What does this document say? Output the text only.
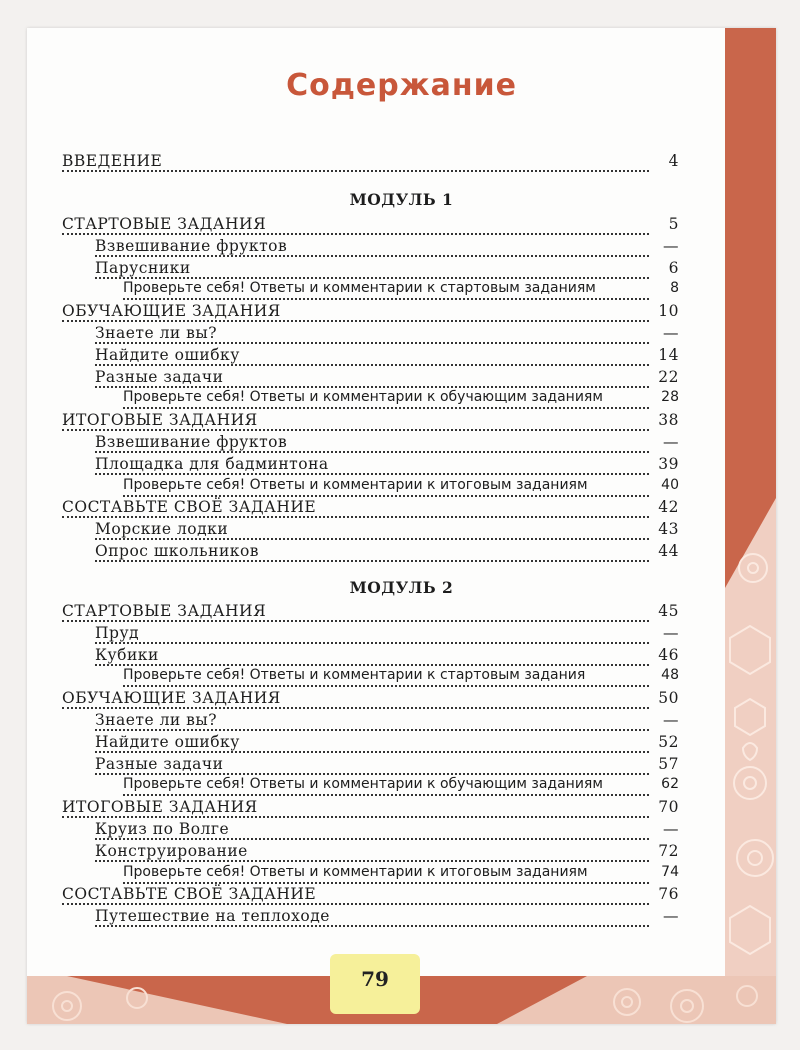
Содержание
ВВЕДЕНИЕ	4
МОДУЛЬ 1
СТАРТОВЫЕ ЗАДАНИЯ	5
Взвешивание фруктов	—
Парусники	6
Проверьте себя! Ответы и комментарии к стартовым заданиям	8
ОБУЧАЮЩИЕ ЗАДАНИЯ	10
Знаете ли вы?	—
Найдите ошибку	14
Разные задачи	22
Проверьте себя! Ответы и комментарии к обучающим заданиям	28
ИТОГОВЫЕ ЗАДАНИЯ	38
Взвешивание фруктов	—
Площадка для бадминтона	39
Проверьте себя! Ответы и комментарии к итоговым заданиям	40
СОСТАВЬТЕ СВОЁ ЗАДАНИЕ	42
Морские лодки	43
Опрос школьников	44
МОДУЛЬ 2
СТАРТОВЫЕ ЗАДАНИЯ	45
Пруд	—
Кубики	46
Проверьте себя! Ответы и комментарии к стартовым задания	48
ОБУЧАЮЩИЕ ЗАДАНИЯ	50
Знаете ли вы?	—
Найдите ошибку	52
Разные задачи	57
Проверьте себя! Ответы и комментарии к обучающим заданиям	62
ИТОГОВЫЕ ЗАДАНИЯ	70
Круиз по Волге	—
Конструирование	72
Проверьте себя! Ответы и комментарии к итоговым заданиям	74
СОСТАВЬТЕ СВОЁ ЗАДАНИЕ	76
Путешествие на теплоходе	—
79
